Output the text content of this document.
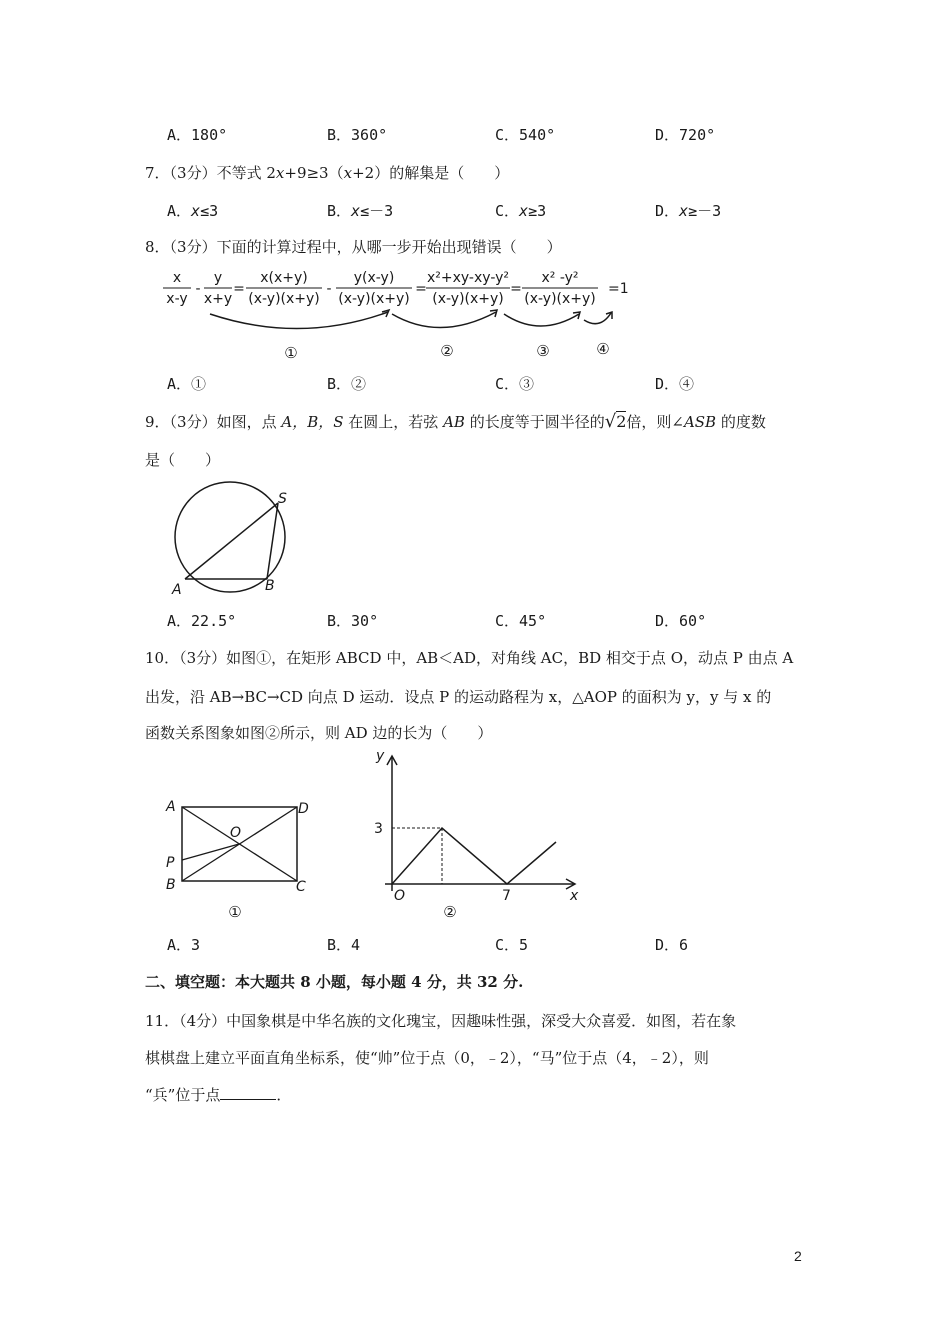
A．180°	B．360°	C．540°	D．720°
7．（3分）不等式 2x+9≥3（x+2）的解集是（　　）
A．x≤3	B．x≤－3	C．x≥3	D．x≥－3
8．（3分）下面的计算过程中，从哪一步开始出现错误（　　）
x
x-y
-
y
x+y
=
x(x+y)
(x-y)(x+y)
-
y(x-y)
(x-y)(x+y)
=
x²+xy-xy-y²
(x-y)(x+y)
=
x² -y²
(x-y)(x+y)
=1
①	②	③	④
A．①	B．②	C．③	D．④
9．（3分）如图，点 A，B，S 在圆上，若弦 AB 的长度等于圆半径的√2倍，则∠ASB 的度数
是（　　）
A	B
S
A．22.5°	B．30°	C．45°	D．60°
10．（3分）如图①，在矩形 ABCD 中，AB＜AD，对角线 AC，BD 相交于点 O，动点 P 由点 A
出发，沿 AB→BC→CD 向点 D 运动．设点 P 的运动路程为 x，△AOP 的面积为 y，y 与 x 的
函数关系图象如图②所示，则 AD 边的长为（　　）
A	D
O
P
B	C
①
y
3
O	7	x
②
A．3	B．4	C．5	D．6
二、填空题：本大题共 8 小题，每小题 4 分，共 32 分.
11．（4分）中国象棋是中华名族的文化瑰宝，因趣味性强，深受大众喜爱．如图，若在象
棋棋盘上建立平面直角坐标系，使“帅”位于点（0，﹣2），“马”位于点（4，﹣2），则
“兵”位于点	．
2
